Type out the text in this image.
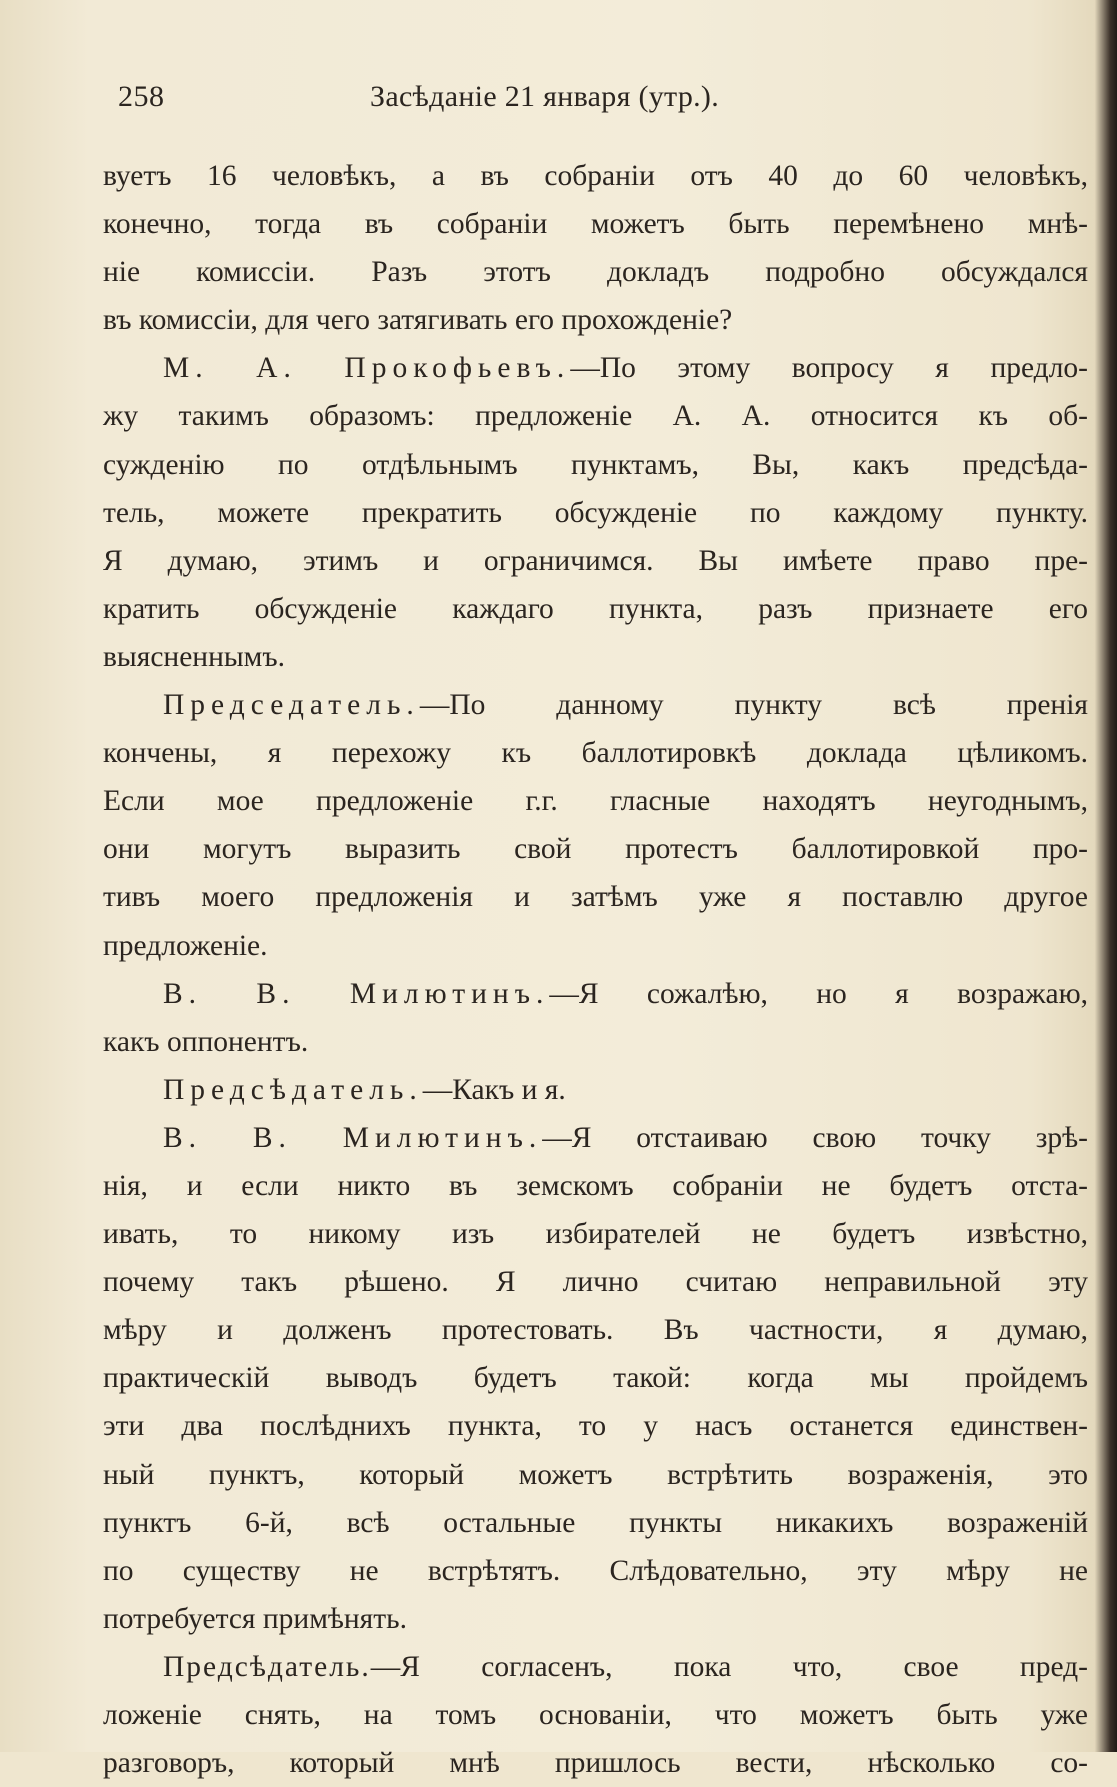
258	Засѣданіе 21 января (утр.).
вуетъ 16 человѣкъ, а въ собраніи отъ 40 до 60 человѣкъ,
конечно, тогда въ собраніи можетъ быть перемѣнено мнѣ-
ніе комиссіи. Разъ этотъ докладъ подробно обсуждался
въ комиссіи, для чего затягивать его прохожденіе?
М. А. Прокофьевъ.—По этому вопросу я предло-
жу такимъ образомъ: предложеніе А. А. относится къ об-
сужденію по отдѣльнымъ пунктамъ, Вы, какъ предсѣда-
тель, можете прекратить обсужденіе по каждому пункту.
Я думаю, этимъ и ограничимся. Вы имѣете право пре-
кратить обсужденіе каждаго пункта, разъ признаете его
выясненнымъ.
Председатель.—По данному пункту всѣ пренія
кончены, я перехожу къ баллотировкѣ доклада цѣликомъ.
Если мое предложеніе г.г. гласные находятъ неугоднымъ,
они могутъ выразить свой протестъ баллотировкой про-
тивъ моего предложенія и затѣмъ уже я поставлю другое
предложеніе.
В. В. Милютинъ.—Я сожалѣю, но я возражаю,
какъ оппонентъ.
Предсѣдатель.—Какъ и я.
В. В. Милютинъ.—Я отстаиваю свою точку зрѣ-
нія, и если никто въ земскомъ собраніи не будетъ отста-
ивать, то никому изъ избирателей не будетъ извѣстно,
почему такъ рѣшено. Я лично считаю неправильной эту
мѣру и долженъ протестовать. Въ частности, я думаю,
практическій выводъ будетъ такой: когда мы пройдемъ
эти два послѣднихъ пункта, то у насъ останется единствен-
ный пунктъ, который можетъ встрѣтить возраженія, это
пунктъ 6-й, всѣ остальные пункты никакихъ возраженій
по существу не встрѣтятъ. Слѣдовательно, эту мѣру не
потребуется примѣнять.
Предсѣдатель.—Я согласенъ, пока что, свое пред-
ложеніе снять, на томъ основаніи, что можетъ быть уже
разговоръ, который мнѣ пришлось вести, нѣсколько со-
